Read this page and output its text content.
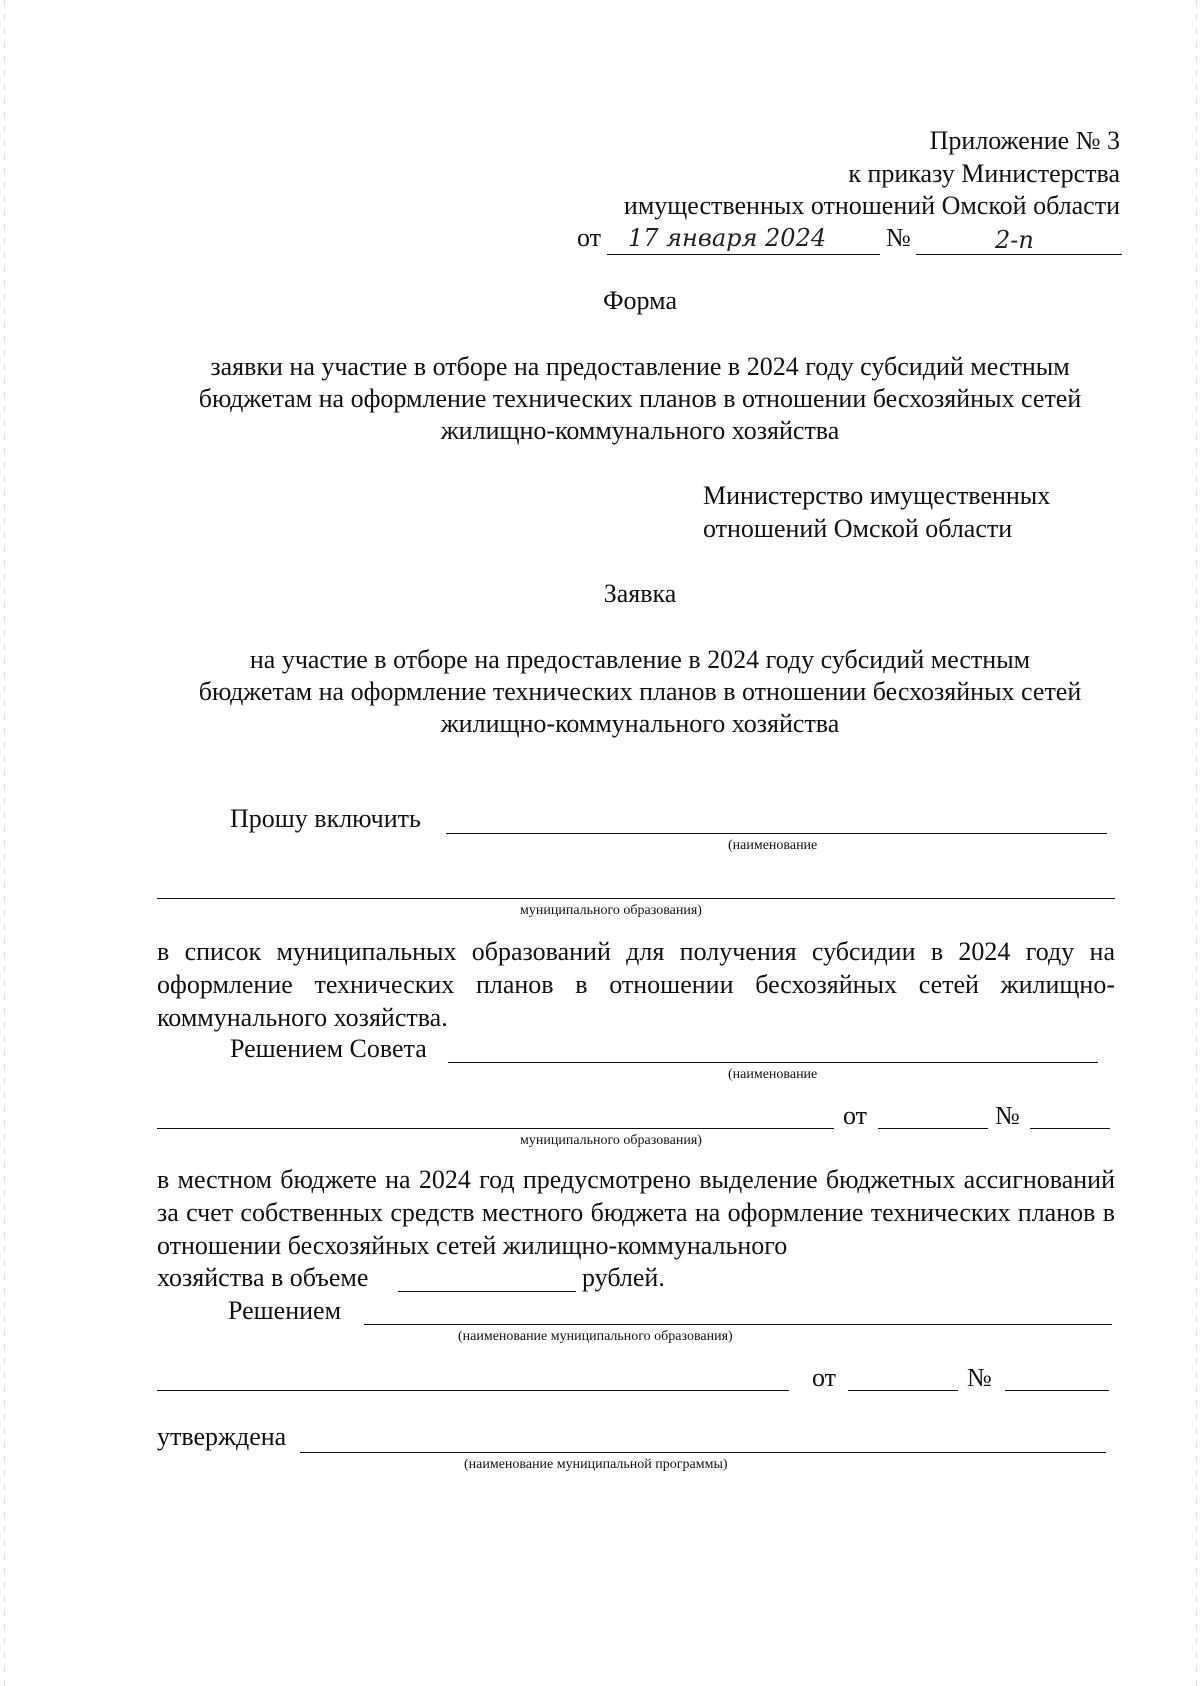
Приложение № 3
к приказу Министерства
имущественных отношений Омской области
от 17 января 2024 №	2-п
Форма
заявки на участие в отборе на предоставление в 2024 году субсидий местным
бюджетам на оформление технических планов в отношении бесхозяйных сетей
жилищно-коммунального хозяйства
Министерство имущественных
отношений Омской области
Заявка
на участие в отборе на предоставление в 2024 году субсидий местным
бюджетам на оформление технических планов в отношении бесхозяйных сетей
жилищно-коммунального хозяйства
Прошу включить
(наименование
муниципального образования)
в список муниципальных образований для получения субсидии в 2024 году на оформление технических планов в отношении бесхозяйных сетей жилищно-коммунального хозяйства.
Решением Совета
(наименование
от	№
муниципального образования)
в местном бюджете на 2024 год предусмотрено выделение бюджетных ассигнований за счет собственных средств местного бюджета на оформление технических планов в отношении бесхозяйных сетей жилищно-коммунального
хозяйства в объеме	рублей.
Решением
(наименование муниципального образования)
от	№
утверждена
(наименование муниципальной программы)
